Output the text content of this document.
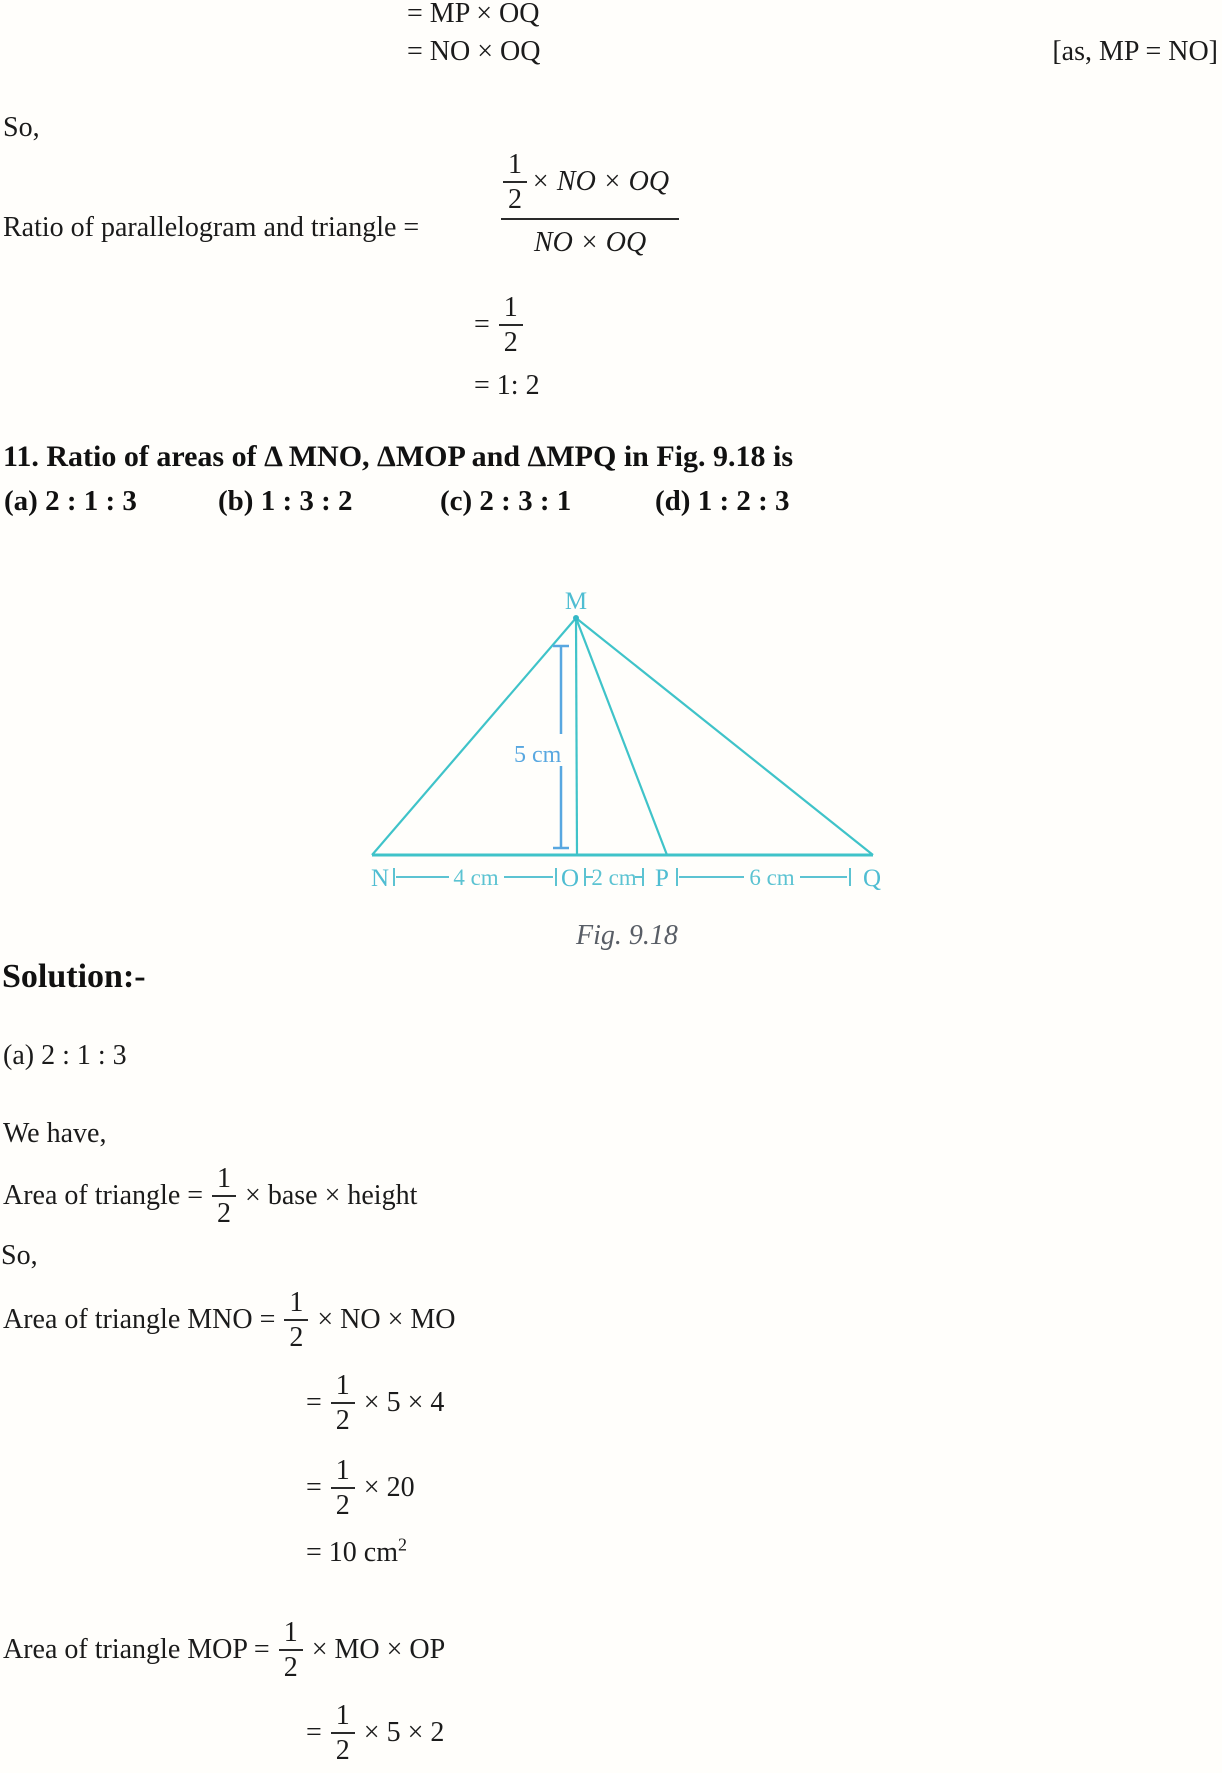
= MP × OQ
= NO × OQ	[as, MP = NO]
So,
Ratio of parallelogram and triangle =	$\frac{\frac{1}{2} \times NO \times OQ}{NO \times OQ}$
= $\frac{1}{2}$
= 1: 2
11. Ratio of areas of Δ MNO, ΔMOP and ΔMPQ in Fig. 9.18 is
(a) 2 : 1 : 3	(b) 1 : 3 : 2	(c) 2 : 3 : 1	(d) 1 : 2 : 3
5 cm
M
N	O	P	Q
4 cm	2 cm	6 cm
Fig. 9.18
Solution:-
(a) 2 : 1 : 3
We have,
Area of triangle = $\frac{1}{2}$ × base × height
So,
Area of triangle MNO = $\frac{1}{2}$ × NO × MO
= $\frac{1}{2} \times 5 \times 4$
= $\frac{1}{2} \times 20$
= 10 $cm^2$
Area of triangle MOP = $\frac{1}{2}$ × MO × OP
= $\frac{1}{2} \times 5 \times 2$
